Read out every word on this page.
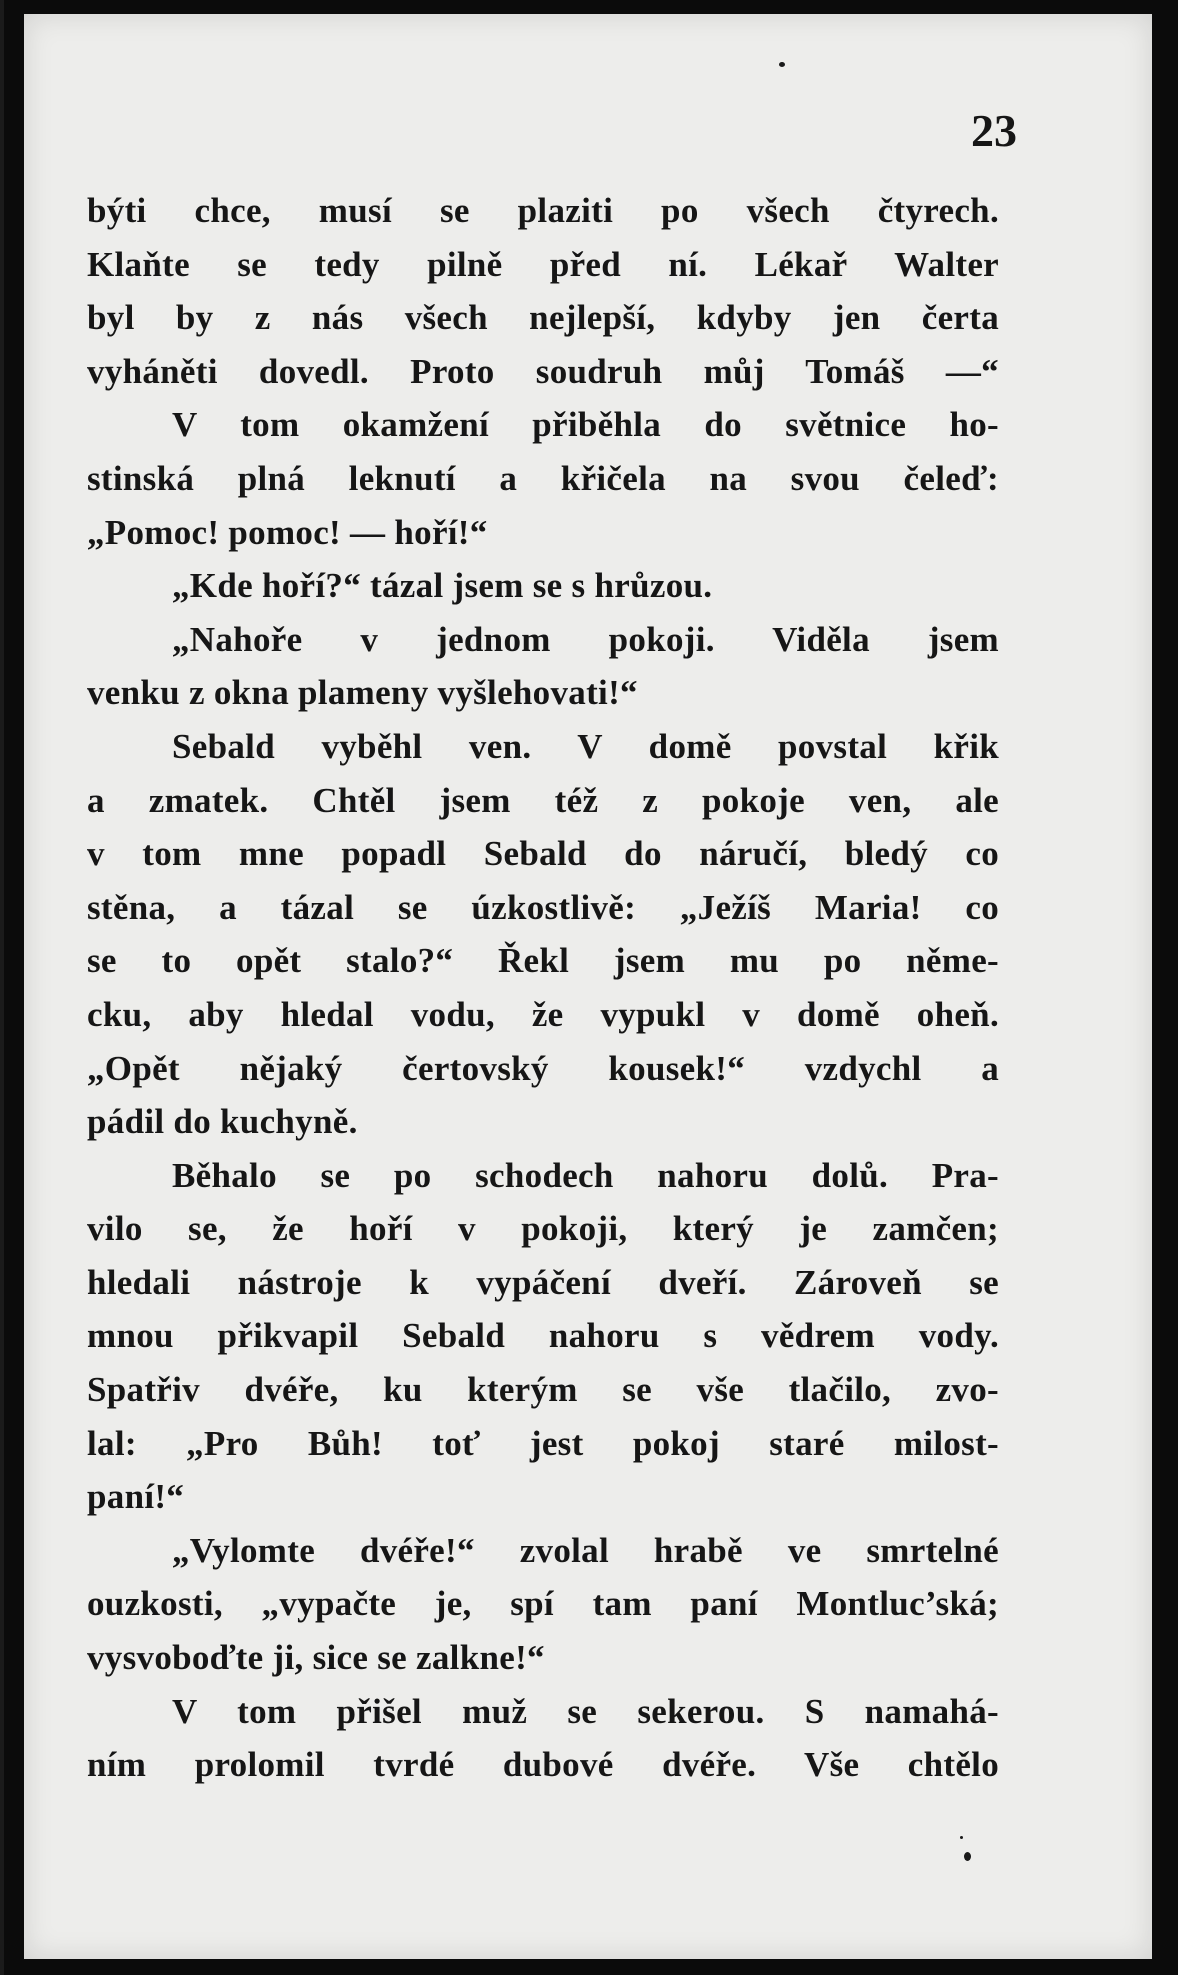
23

býti chce, musí se plaziti po všech čtyrech.
Klaňte se tedy pilně před ní. Lékař Walter
byl by z nás všech nejlepší, kdyby jen čerta
vyháněti dovedl. Proto soudruh můj Tomáš —“
V tom okamžení přiběhla do světnice ho-
stinská plná leknutí a křičela na svou čeleď:
„Pomoc! pomoc! — hoří!“
„Kde hoří?“ tázal jsem se s hrůzou.
„Nahoře v jednom pokoji. Viděla jsem
venku z okna plameny vyšlehovati!“
Sebald vyběhl ven. V domě povstal křik
a zmatek. Chtěl jsem též z pokoje ven, ale
v tom mne popadl Sebald do náručí, bledý co
stěna, a tázal se úzkostlivě: „Ježíš Maria! co
se to opět stalo?“ Řekl jsem mu po něme-
cku, aby hledal vodu, že vypukl v domě oheň.
„Opět nějaký čertovský kousek!“ vzdychl a
pádil do kuchyně.
Běhalo se po schodech nahoru dolů. Pra-
vilo se, že hoří v pokoji, který je zamčen;
hledali nástroje k vypáčení dveří. Zároveň se
mnou přikvapil Sebald nahoru s vědrem vody.
Spatřiv dvéře, ku kterým se vše tlačilo, zvo-
lal: „Pro Bůh! toť jest pokoj staré milost-
paní!“
„Vylomte dvéře!“ zvolal hrabě ve smrtelné
ouzkosti, „vypačte je, spí tam paní Montluc’ská;
vysvoboďte ji, sice se zalkne!“
V tom přišel muž se sekerou. S namahá-
ním prolomil tvrdé dubové dvéře. Vše chtělo
